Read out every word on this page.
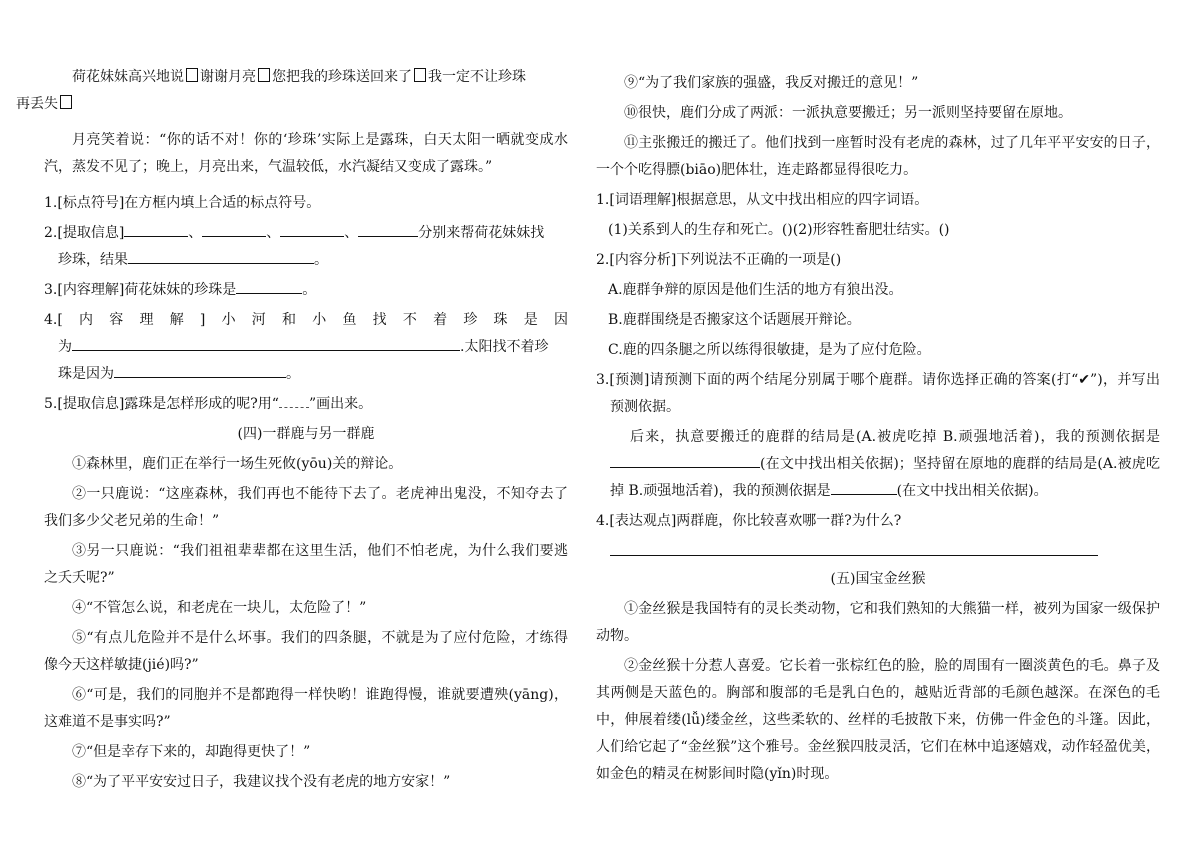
荷花妹妹高兴地说 谢谢月亮 您把我的珍珠送回来了 我一定不让珍珠
再丢失

月亮笑着说：“你的话不对！你的‘珍珠’实际上是露珠，白天太阳一晒就变成水汽，蒸发不见了；晚上，月亮出来，气温较低，水汽凝结又变成了露珠。”

1.[标点符号]在方框内填上合适的标点符号。

2.[提取信息]	、	、	、	分别来帮荷花妹妹找
珍珠，结果	。

3.[内容理解]荷花妹妹的珍珠是	。

4.[内容理解]小河和小鱼找不着珍珠是因
为	.太阳找不着珍
珠是因为	。

5.[提取信息]露珠是怎样形成的呢?用“ ”画出来。

(四)一群鹿与另一群鹿

①森林里，鹿们正在举行一场生死攸(yōu)关的辩论。

②一只鹿说：“这座森林，我们再也不能待下去了。老虎神出鬼没，不知夺去了我们多少父老兄弟的生命！”

③另一只鹿说：“我们祖祖辈辈都在这里生活，他们不怕老虎，为什么我们要逃之夭夭呢?”

④“不管怎么说，和老虎在一块儿，太危险了！”

⑤“有点儿危险并不是什么坏事。我们的四条腿，不就是为了应付危险，才练得像今天这样敏捷(jié)吗?”

⑥“可是，我们的同胞并不是都跑得一样快哟！谁跑得慢，谁就要遭殃(yāng)，这难道不是事实吗?”

⑦“但是幸存下来的，却跑得更快了！”

⑧“为了平平安安过日子，我建议找个没有老虎的地方安家！”

⑨“为了我们家族的强盛，我反对搬迁的意见！”

⑩很快，鹿们分成了两派：一派执意要搬迁；另一派则坚持要留在原地。

⑪主张搬迁的搬迁了。他们找到一座暂时没有老虎的森林，过了几年平平安安的日子，一个个吃得膘(biāo)肥体壮，连走路都显得很吃力。

1.[词语理解]根据意思，从文中找出相应的四字词语。

(1)关系到人的生存和死亡。()(2)形容牲畜肥壮结实。()

2.[内容分析]下列说法不正确的一项是()

A.鹿群争辩的原因是他们生活的地方有狼出没。

B.鹿群围绕是否搬家这个话题展开辩论。

C.鹿的四条腿之所以练得很敏捷，是为了应付危险。

3.[预测]请预测下面的两个结尾分别属于哪个鹿群。请你选择正确的答案(打“✔”)，并写出预测依据。

后来，执意要搬迁的鹿群的结局是(A.被虎吃掉 B.顽强地活着)，我的预测依据是(在文中找出相关依据)；坚持留在原地的鹿群的结局是(A.被虎吃掉 B.顽强地活着)，我的预测依据是	(在文中找出相关依据)。

4.[表达观点]两群鹿，你比较喜欢哪一群?为什么?

(五)国宝金丝猴

①金丝猴是我国特有的灵长类动物，它和我们熟知的大熊猫一样，被列为国家一级保护动物。

②金丝猴十分惹人喜爱。它长着一张棕红色的脸，脸的周围有一圈淡黄色的毛。鼻子及其两侧是天蓝色的。胸部和腹部的毛是乳白色的，越贴近背部的毛颜色越深。在深色的毛中，伸展着缕(lǚ)缕金丝，这些柔软的、丝样的毛披散下来，仿佛一件金色的斗篷。因此，人们给它起了“金丝猴”这个雅号。金丝猴四肢灵活，它们在林中追逐嬉戏，动作轻盈优美，如金色的精灵在树影间时隐(yǐn)时现。
